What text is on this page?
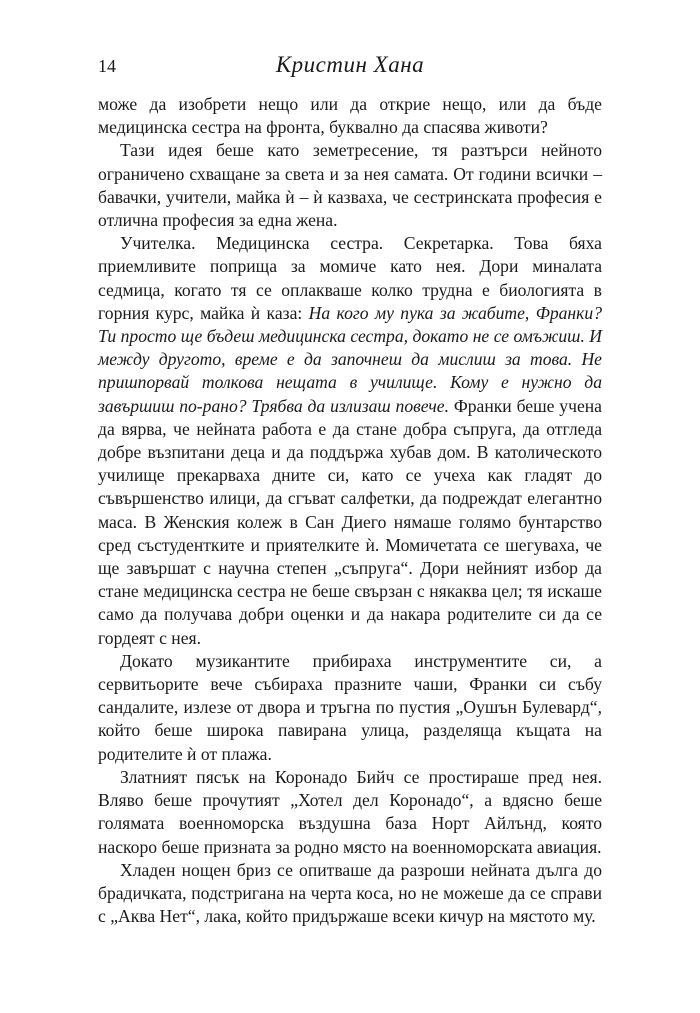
14	Кристин Хана

може да изобрети нещо или да открие нещо, или да бъде медицинска сестра на фронта, буквално да спасява животи?

Тази идея беше като земетресение, тя разтърси нейното ограничено схващане за света и за нея самата. От години всички – бавачки, учители, майка ѝ – ѝ казваха, че сестринската професия е отлична професия за една жена.

Учителка. Медицинска сестра. Секретарка. Това бяха приемливите поприща за момиче като нея. Дори миналата седмица, когато тя се оплакваше колко трудна е биологията в горния курс, майка ѝ каза: На кого му пука за жабите, Франки? Ти просто ще бъдеш медицинска сестра, докато не се омъжиш. И между другото, време е да започнеш да мислиш за това. Не пришпорвай толкова нещата в училище. Кому е нужно да завършиш по-рано? Трябва да излизаш повече. Франки беше учена да вярва, че нейната работа е да стане добра съпруга, да отгледа добре възпитани деца и да поддържа хубав дом. В католическото училище прекарваха дните си, като се учеха как гладят до съвършенство илици, да сгъват салфетки, да подреждат елегантно маса. В Женския колеж в Сан Диего нямаше голямо бунтарство сред състудентките и приятелките ѝ. Момичетата се шегуваха, че ще завършат с научна степен „съпруга“. Дори нейният избор да стане медицинска сестра не беше свързан с някаква цел; тя искаше само да получава добри оценки и да накара родителите си да се гордеят с нея.

Докато музикантите прибираха инструментите си, а сервитьорите вече събираха празните чаши, Франки си събу сандалите, излезе от двора и тръгна по пустия „Оушън Булевард“, който беше широка павирана улица, разделяща къщата на родителите ѝ от плажа.

Златният пясък на Коронадо Бийч се простираше пред нея. Вляво беше прочутият „Хотел дел Коронадо“, а вдясно беше голямата военноморска въздушна база Норт Айлънд, която наскоро беше призната за родно място на военноморската авиация.

Хладен нощен бриз се опитваше да разроши нейната дълга до брадичката, подстригана на черта коса, но не можеше да се справи с „Аква Нет“, лака, който придържаше всеки кичур на мястото му.
